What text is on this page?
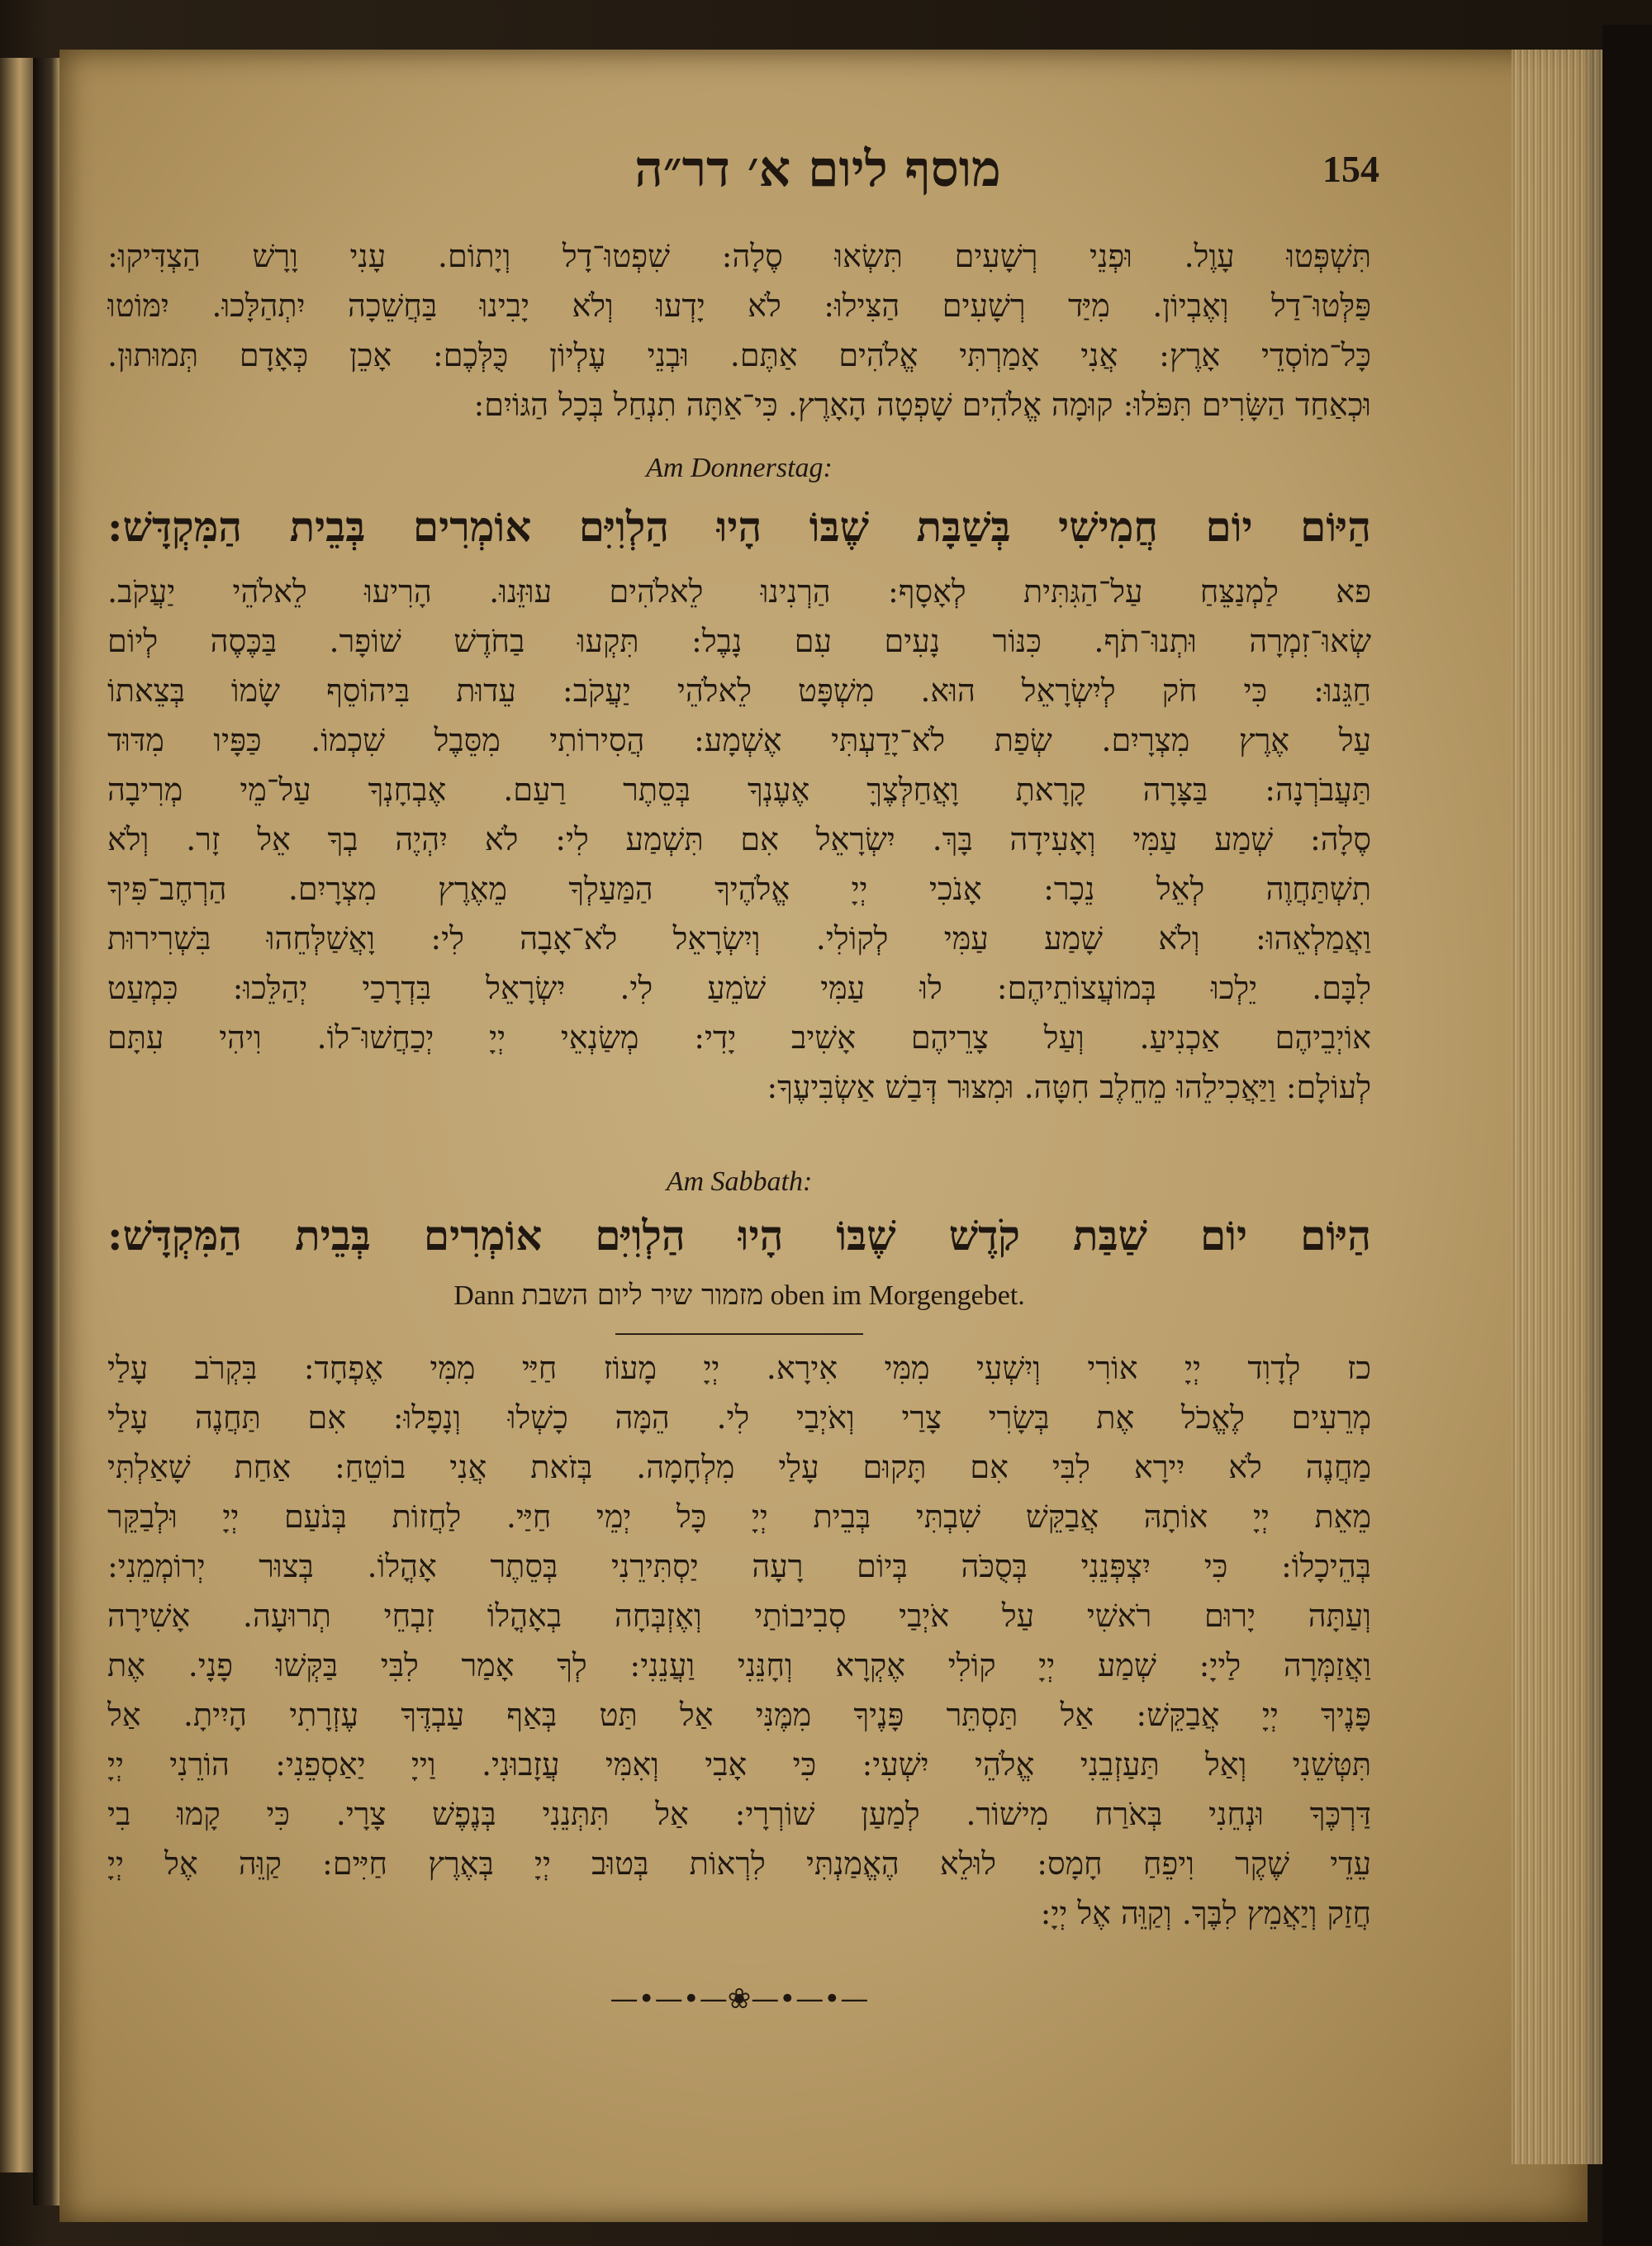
מוסף ליום א׳ דר״ה	154
תִּשְׁפְּטוּ עָוֶל. וּפְנֵי רְשָׁעִים תִּשְׂאוּ סֶלָה: שִׁפְטוּ־דָל וְיָתוֹם. עָנִי וָרָשׁ הַצְדִּיקוּ:
פַּלְּטוּ־דַל וְאֶבְיוֹן. מִיַּד רְשָׁעִים הַצִּילוּ: לֹא יָדְעוּ וְלֹא יָבִינוּ בַּחֲשֵׁכָה יִתְהַלָּכוּ. יִמּוֹטוּ
כָּל־מוֹסְדֵי אָרֶץ: אֲנִי אָמַרְתִּי אֱלֹהִים אַתֶּם. וּבְנֵי עֶלְיוֹן כֻּלְּכֶם: אָכֵן כְּאָדָם תְּמוּתוּן.
וּכְאַחַד הַשָּׂרִים תִּפֹּלוּ: קוּמָה אֱלֹהִים שָׁפְטָה הָאָרֶץ. כִּי־אַתָּה תִנְחַל בְּכָל הַגּוֹיִם:
Am Donnerstag:
הַיּוֹם יוֹם חֲמִישִׁי בְּשַׁבָּת שֶׁבּוֹ הָיוּ הַלְוִיִּם אוֹמְרִים בְּבֵית הַמִּקְדָּשׁ:
פא לַמְנַצֵּחַ עַל־הַגִּתִּית לְאָסָף: הַרְנִינוּ לֵאלֹהִים עוּזֵּנוּ. הָרִיעוּ לֵאלֹהֵי יַעֲקֹב.
שְׂאוּ־זִמְרָה וּתְנוּ־תֹף. כִּנּוֹר נָעִים עִם נָבֶל: תִּקְעוּ בַחֹדֶשׁ שׁוֹפָר. בַּכֶּסֶה לְיוֹם
חַגֵּנוּ: כִּי חֹק לְיִשְׂרָאֵל הוּא. מִשְׁפָּט לֵאלֹהֵי יַעֲקֹב: עֵדוּת בִּיהוֹסֵף שָׂמוֹ בְּצֵאתוֹ
עַל אֶרֶץ מִצְרָיִם. שְׂפַת לֹא־יָדַעְתִּי אֶשְׁמָע: הֲסִירוֹתִי מִסֵּבֶל שִׁכְמוֹ. כַּפָּיו מִדּוּד
תַּעֲבֹרְנָה: בַּצָּרָה קָרָאתָ וָאֲחַלְּצֶךָּ אֶעֶנְךָ בְּסֵתֶר רַעַם. אֶבְחָנְךָ עַל־מֵי מְרִיבָה
סֶלָה: שְׁמַע עַמִּי וְאָעִידָה בָּךְ. יִשְׂרָאֵל אִם תִּשְׁמַע לִי: לֹא יִהְיֶה בְךָ אֵל זָר. וְלֹא
תִשְׁתַּחֲוֶה לְאֵל נֵכָר: אָנֹכִי יְיָ אֱלֹהֶיךָ הַמַּעַלְךָ מֵאֶרֶץ מִצְרָיִם. הַרְחֶב־פִּיךָ
וַאֲמַלְאֵהוּ: וְלֹא שָׁמַע עַמִּי לְקוֹלִי. וְיִשְׂרָאֵל לֹא־אָבָה לִי: וָאֲשַׁלְּחֵהוּ בִּשְׁרִירוּת
לִבָּם. יֵלְכוּ בְּמוֹעֲצוֹתֵיהֶם: לוּ עַמִּי שֹׁמֵעַ לִי. יִשְׂרָאֵל בִּדְרָכַי יְהַלֵּכוּ: כִּמְעַט
אוֹיְבֵיהֶם אַכְנִיעַ. וְעַל צָרֵיהֶם אָשִׁיב יָדִי: מְשַׂנְאֵי יְיָ יְכַחֲשׁוּ־לוֹ. וִיהִי עִתָּם
לְעוֹלָם: וַיַּאֲכִילֵהוּ מֵחֵלֶב חִטָּה. וּמִצּוּר דְּבַשׁ אַשְׂבִּיעֶךָ:
Am Sabbath:
הַיּוֹם יוֹם שַׁבַּת קֹדֶשׁ שֶׁבּוֹ הָיוּ הַלְוִיִּם אוֹמְרִים בְּבֵית הַמִּקְדָּשׁ:
Dann מזמור שיר ליום השבת oben im Morgengebet.
כז לְדָוִד יְיָ אוֹרִי וְיִשְׁעִי מִמִּי אִירָא. יְיָ מָעוֹז חַיַּי מִמִּי אֶפְחָד: בִּקְרֹב עָלַי
מְרֵעִים לֶאֱכֹל אֶת בְּשָׂרִי צָרַי וְאֹיְבַי לִי. הֵמָּה כָשְׁלוּ וְנָפָלוּ: אִם תַּחֲנֶה עָלַי
מַחֲנֶה לֹא יִירָא לִבִּי אִם תָּקוּם עָלַי מִלְחָמָה. בְּזֹאת אֲנִי בוֹטֵחַ: אַחַת שָׁאַלְתִּי
מֵאֵת יְיָ אוֹתָהּ אֲבַקֵּשׁ שִׁבְתִּי בְּבֵית יְיָ כָּל יְמֵי חַיַּי. לַחֲזוֹת בְּנֹעַם יְיָ וּלְבַקֵּר
בְּהֵיכָלוֹ: כִּי יִצְפְּנֵנִי בְּסֻכֹּה בְּיוֹם רָעָה יַסְתִּירֵנִי בְּסֵתֶר אָהֳלוֹ. בְּצוּר יְרוֹמְמֵנִי:
וְעַתָּה יָרוּם רֹאשִׁי עַל אֹיְבַי סְבִיבוֹתַי וְאֶזְבְּחָה בְאָהֳלוֹ זִבְחֵי תְרוּעָה. אָשִׁירָה
וַאֲזַמְּרָה לַייָ: שְׁמַע יְיָ קוֹלִי אֶקְרָא וְחָנֵּנִי וַעֲנֵנִי: לְךָ אָמַר לִבִּי בַּקְּשׁוּ פָנָי. אֶת
פָּנֶיךָ יְיָ אֲבַקֵּשׁ: אַל תַּסְתֵּר פָּנֶיךָ מִמֶּנִּי אַל תַּט בְּאַף עַבְדֶּךָ עֶזְרָתִי הָיִיתָ. אַל
תִּטְּשֵׁנִי וְאַל תַּעַזְבֵנִי אֱלֹהֵי יִשְׁעִי: כִּי אָבִי וְאִמִּי עֲזָבוּנִי. וַייָ יַאַסְפֵנִי: הוֹרֵנִי יְיָ
דַּרְכֶּךָ וּנְחֵנִי בְּאֹרַח מִישׁוֹר. לְמַעַן שׁוֹרְרָי: אַל תִּתְּנֵנִי בְּנֶפֶשׁ צָרָי. כִּי קָמוּ בִי
עֵדֵי שֶׁקֶר וִיפֵחַ חָמָס: לוּלֵא הֶאֱמַנְתִּי לִרְאוֹת בְּטוּב יְיָ בְּאֶרֶץ חַיִּים: קַוֵּה אֶל יְיָ
חֲזַק וְיַאֲמֵץ לִבֶּךָ. וְקַוֵּה אֶל יְיָ:
—•—•—❀—•—•—
